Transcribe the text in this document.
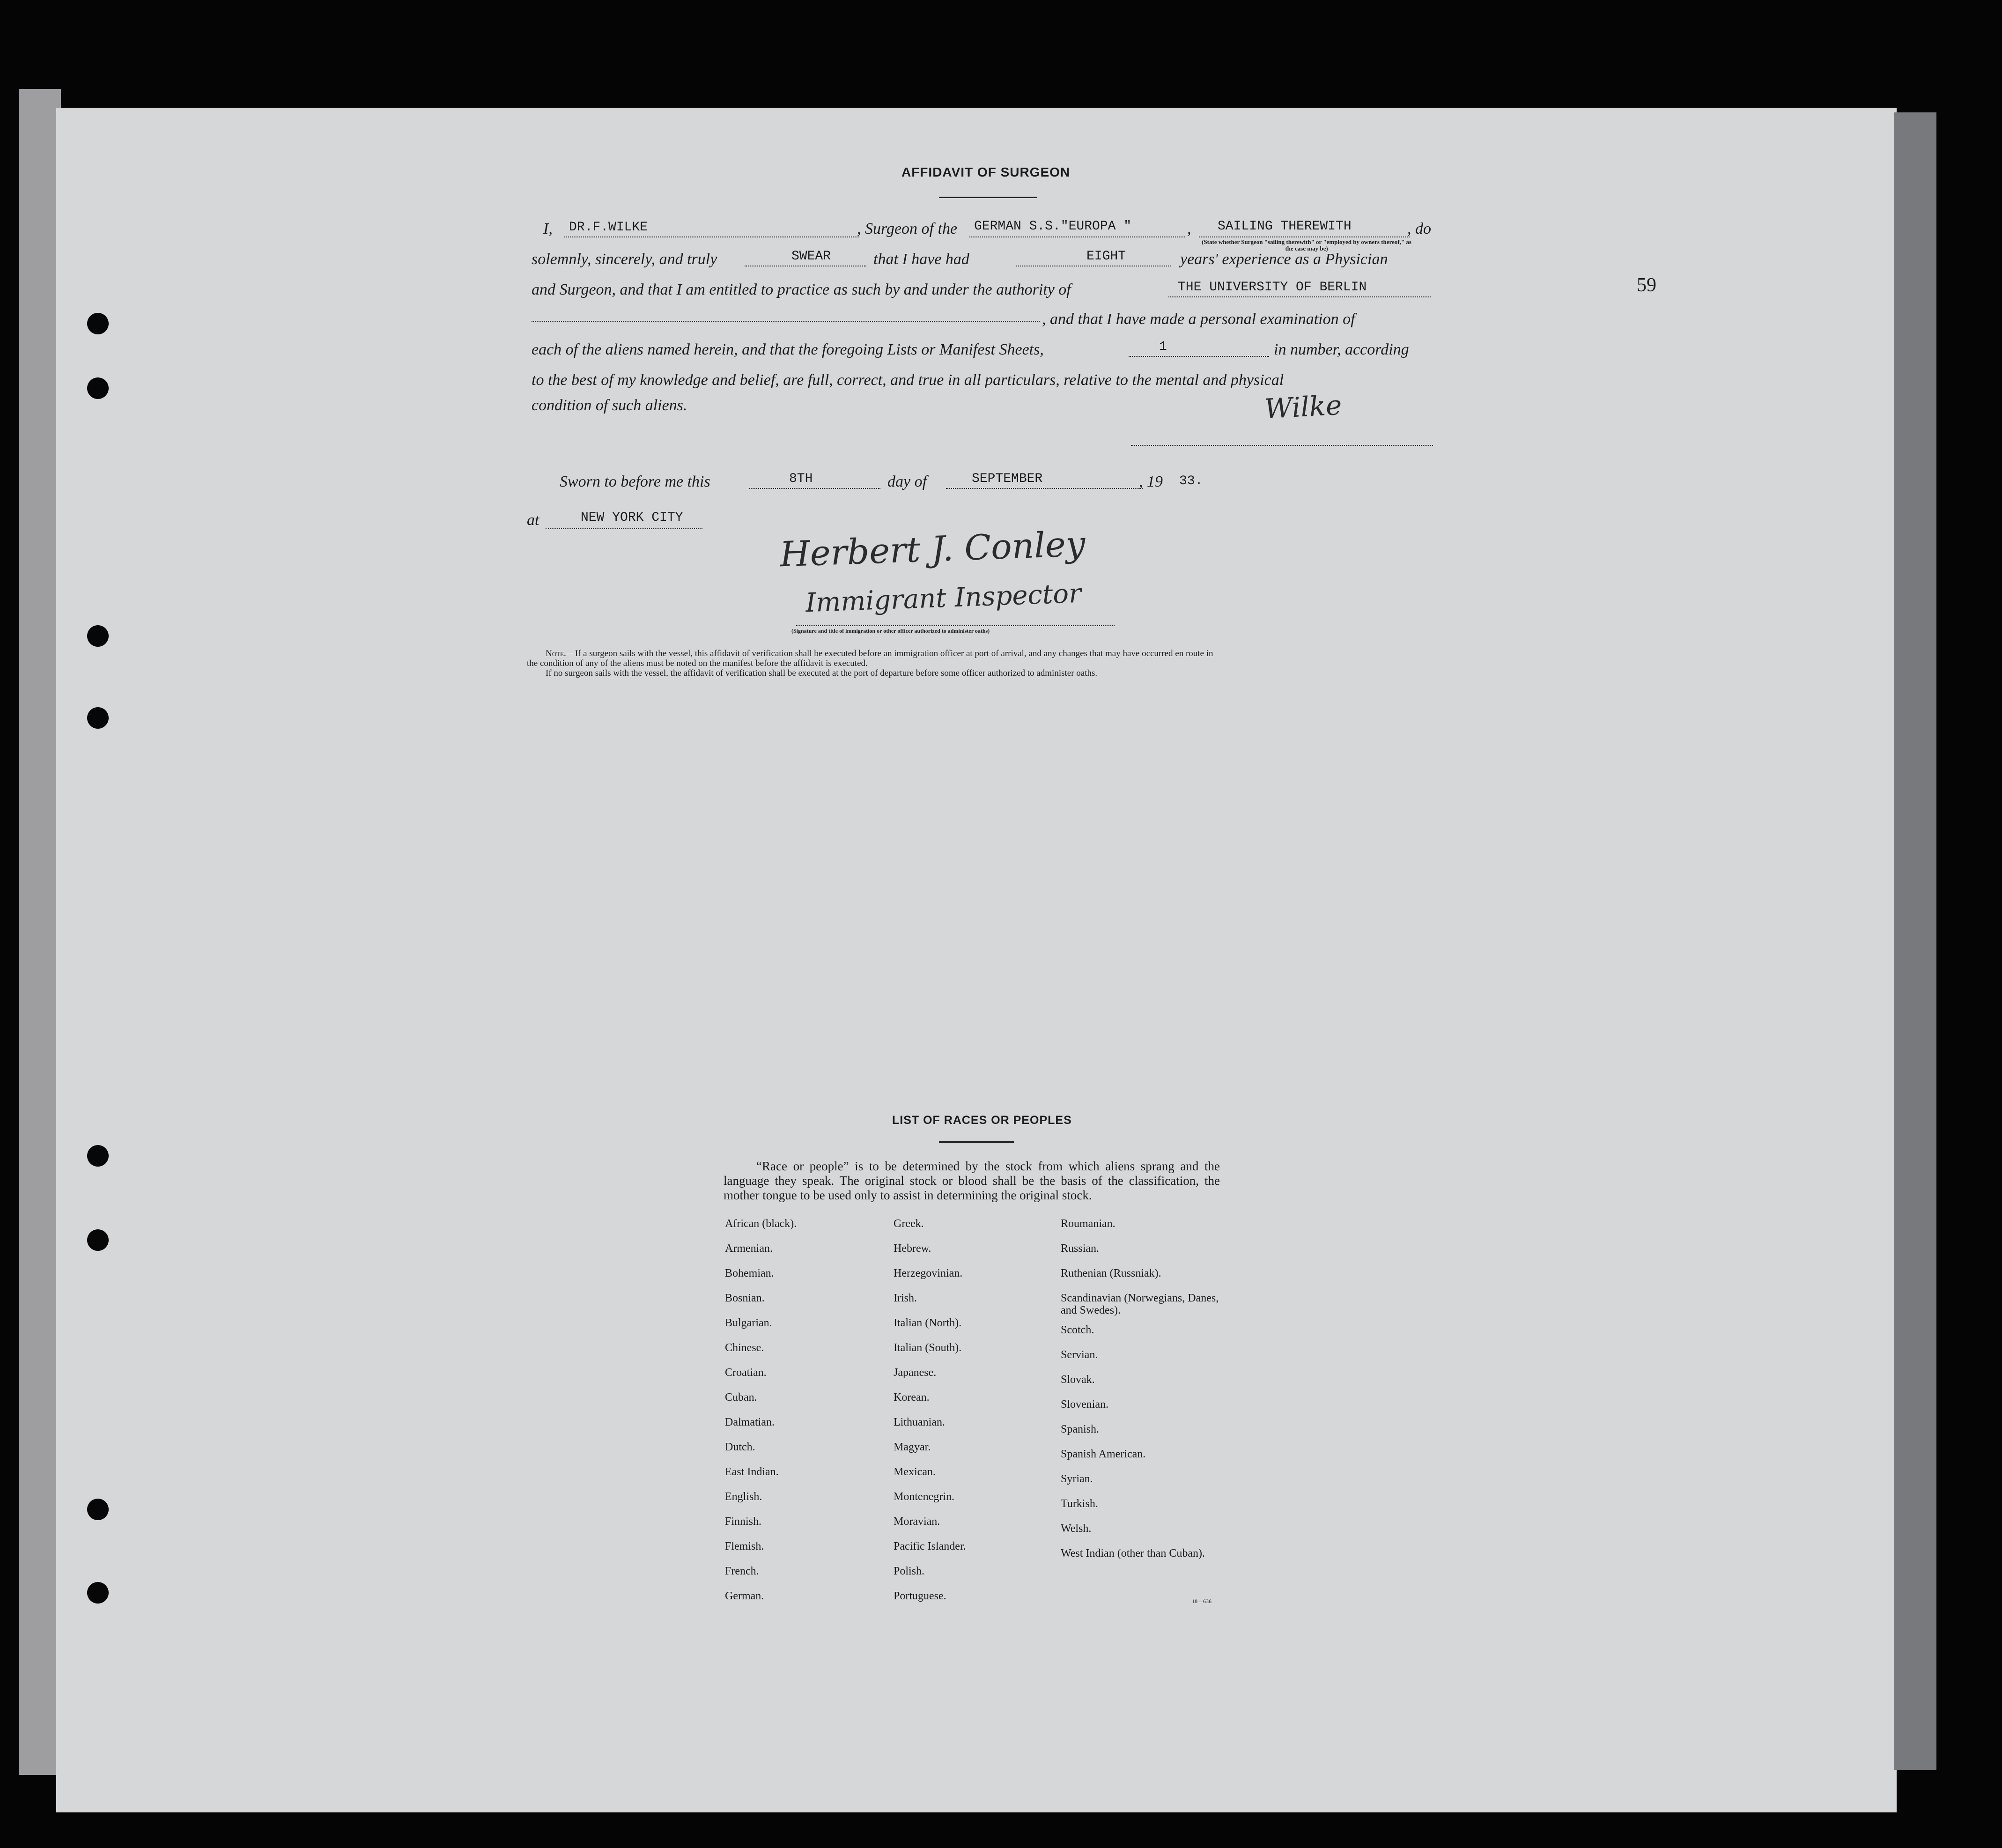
59
AFFIDAVIT OF SURGEON
I, DR.F.WILKE	, Surgeon of the GERMAN S.S."EUROPA "	, SAILING THEREWITH	, do
(State whether Surgeon "sailing therewith" or "employed by owners thereof," as the case may be)
solemnly, sincerely, and truly	SWEAR	that I have had	EIGHT	years' experience as a Physician
and Surgeon, and that I am entitled to practice as such by and under the authority of	THE UNIVERSITY OF BERLIN
, and that I have made a personal examination of
each of the aliens named herein, and that the foregoing Lists or Manifest Sheets,	1	in number, according
to the best of my knowledge and belief, are full, correct, and true in all particulars, relative to the mental and physical
condition of such aliens.	Wilke
Sworn to before me this	8TH	day of	SEPTEMBER	, 19 33.
at	NEW YORK CITY
Herbert J. Conley
Immigrant Inspector
(Signature and title of immigration or other officer authorized to administer oaths)
Note.—If a surgeon sails with the vessel, this affidavit of verification shall be executed before an immigration officer at port of arrival, and any changes that may have occurred en route in
the condition of any of the aliens must be noted on the manifest before the affidavit is executed.
If no surgeon sails with the vessel, the affidavit of verification shall be executed at the port of departure before some officer authorized to administer oaths.
LIST OF RACES OR PEOPLES
“Race or people” is to be determined by the stock from which aliens sprang and the language they speak. The original stock or blood shall be the basis of the classification, the mother tongue to be used only to assist in determining the original stock.
African (black).
Armenian.
Bohemian.
Bosnian.
Bulgarian.
Chinese.
Croatian.
Cuban.
Dalmatian.
Dutch.
East Indian.
English.
Finnish.
Flemish.
French.
German.
Greek.
Hebrew.
Herzegovinian.
Irish.
Italian (North).
Italian (South).
Japanese.
Korean.
Lithuanian.
Magyar.
Mexican.
Montenegrin.
Moravian.
Pacific Islander.
Polish.
Portuguese.
Roumanian.
Russian.
Ruthenian (Russniak).
Scandinavian (Norwegians, Danes, and Swedes).
Scotch.
Servian.
Slovak.
Slovenian.
Spanish.
Spanish American.
Syrian.
Turkish.
Welsh.
West Indian (other than Cuban).
18—636
